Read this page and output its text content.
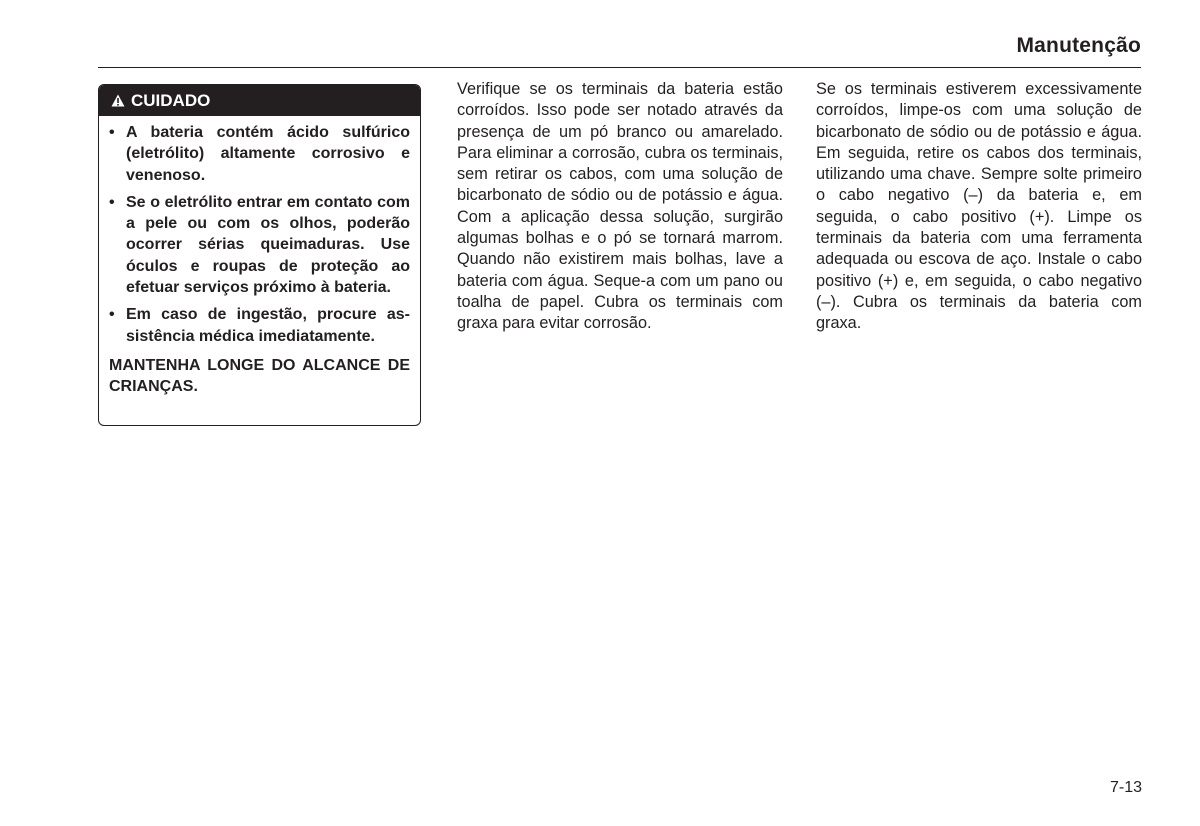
Manutenção
CUIDADO
• A bateria contém ácido sulfúrico (eletrólito) altamente corrosivo e venenoso.
• Se o eletrólito entrar em contato com a pele ou com os olhos, poderão ocorrer sérias queimaduras. Use óculos e roupas de proteção ao efetuar serviços próximo à bateria.
• Em caso de ingestão, procure assistência médica imediatamente.
MANTENHA LONGE DO ALCANCE DE CRIANÇAS.
Verifique se os terminais da bateria estão corroídos. Isso pode ser notado através da presença de um pó branco ou amarelado. Para eliminar a corrosão, cubra os terminais, sem retirar os cabos, com uma solução de bicarbonato de sódio ou de potássio e água. Com a aplicação dessa solução, surgirão algumas bolhas e o pó se tornará marrom. Quando não existirem mais bolhas, lave a bateria com água. Seque-a com um pano ou toalha de papel. Cubra os terminais com graxa para evitar corrosão.
Se os terminais estiverem excessivamente corroídos, limpe-os com uma solução de bicarbonato de sódio ou de potássio e água. Em seguida, retire os cabos dos terminais, utilizando uma chave. Sempre solte primeiro o cabo negativo (–) da bateria e, em seguida, o cabo positivo (+). Limpe os terminais da bateria com uma ferramenta adequada ou escova de aço. Instale o cabo positivo (+) e, em seguida, o cabo negativo (–). Cubra os terminais da bateria com graxa.
7-13
